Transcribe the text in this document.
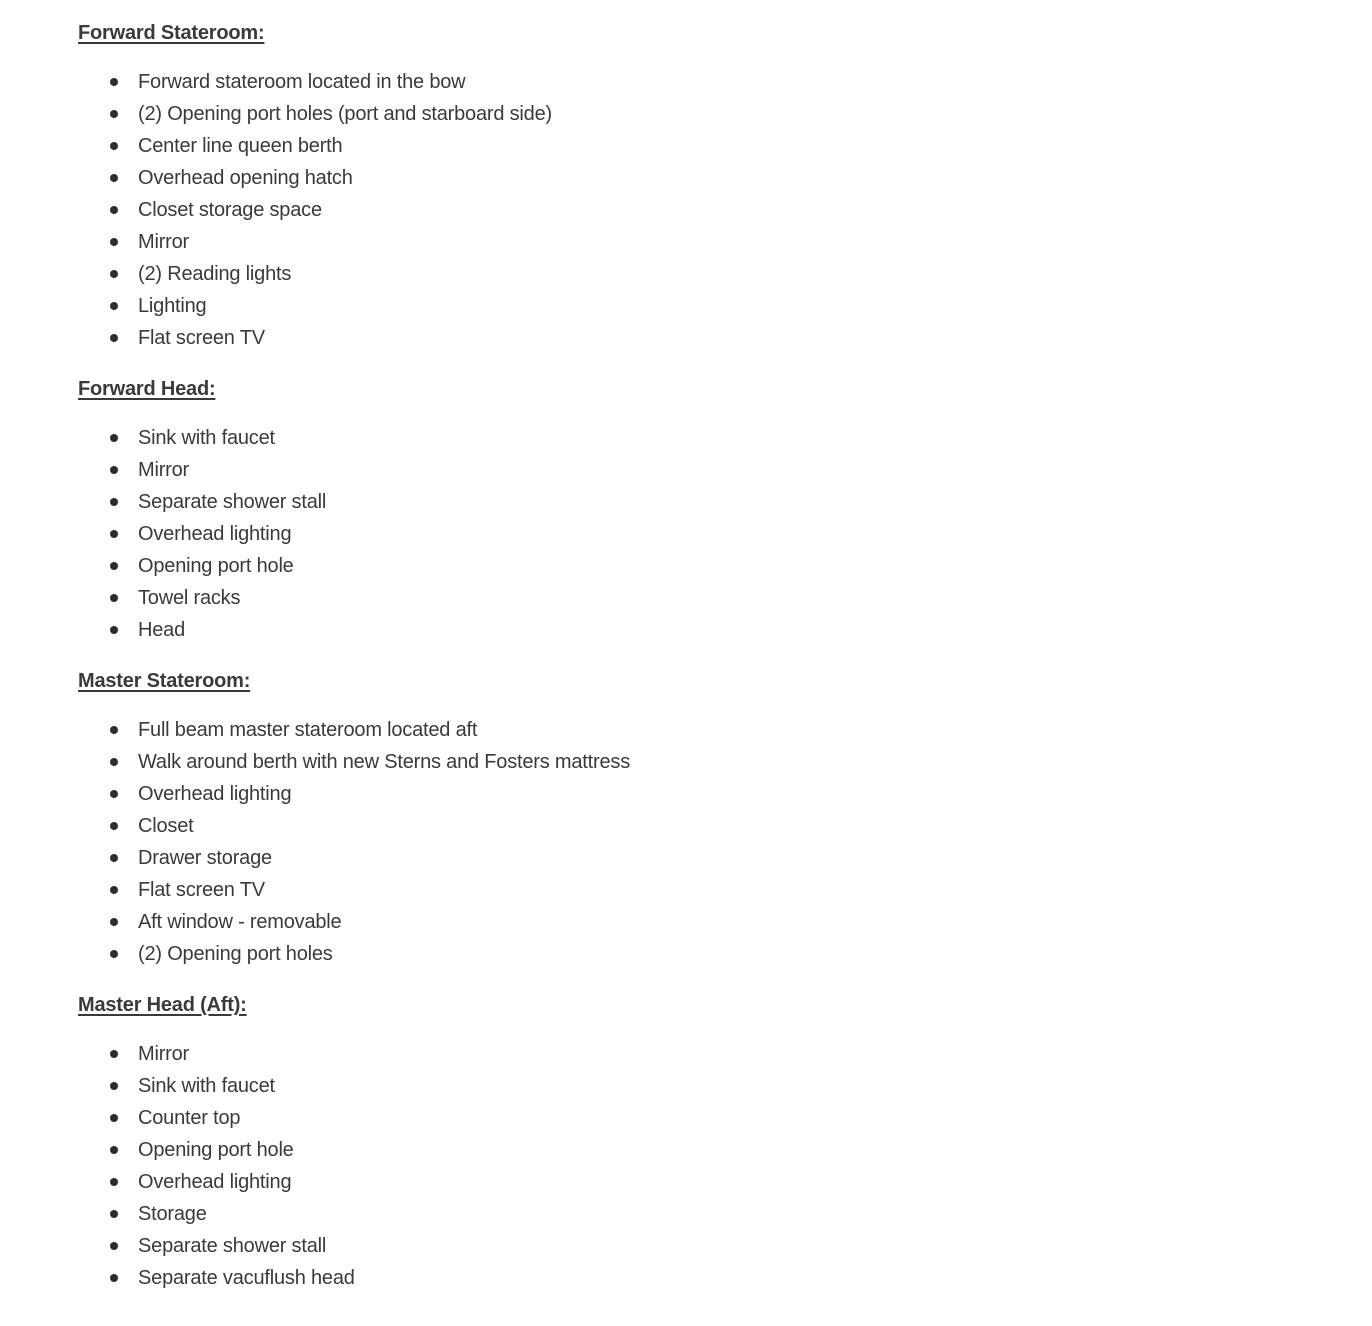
Forward Stateroom:
Forward stateroom located in the bow
(2) Opening port holes (port and starboard side)
Center line queen berth
Overhead opening hatch
Closet storage space
Mirror
(2) Reading lights
Lighting
Flat screen TV
Forward Head:
Sink with faucet
Mirror
Separate shower stall
Overhead lighting
Opening port hole
Towel racks
Head
Master Stateroom:
Full beam master stateroom located aft
Walk around berth with new Sterns and Fosters mattress
Overhead lighting
Closet
Drawer storage
Flat screen TV
Aft window - removable
(2) Opening port holes
Master Head (Aft):
Mirror
Sink with faucet
Counter top
Opening port hole
Overhead lighting
Storage
Separate shower stall
Separate vacuflush head
